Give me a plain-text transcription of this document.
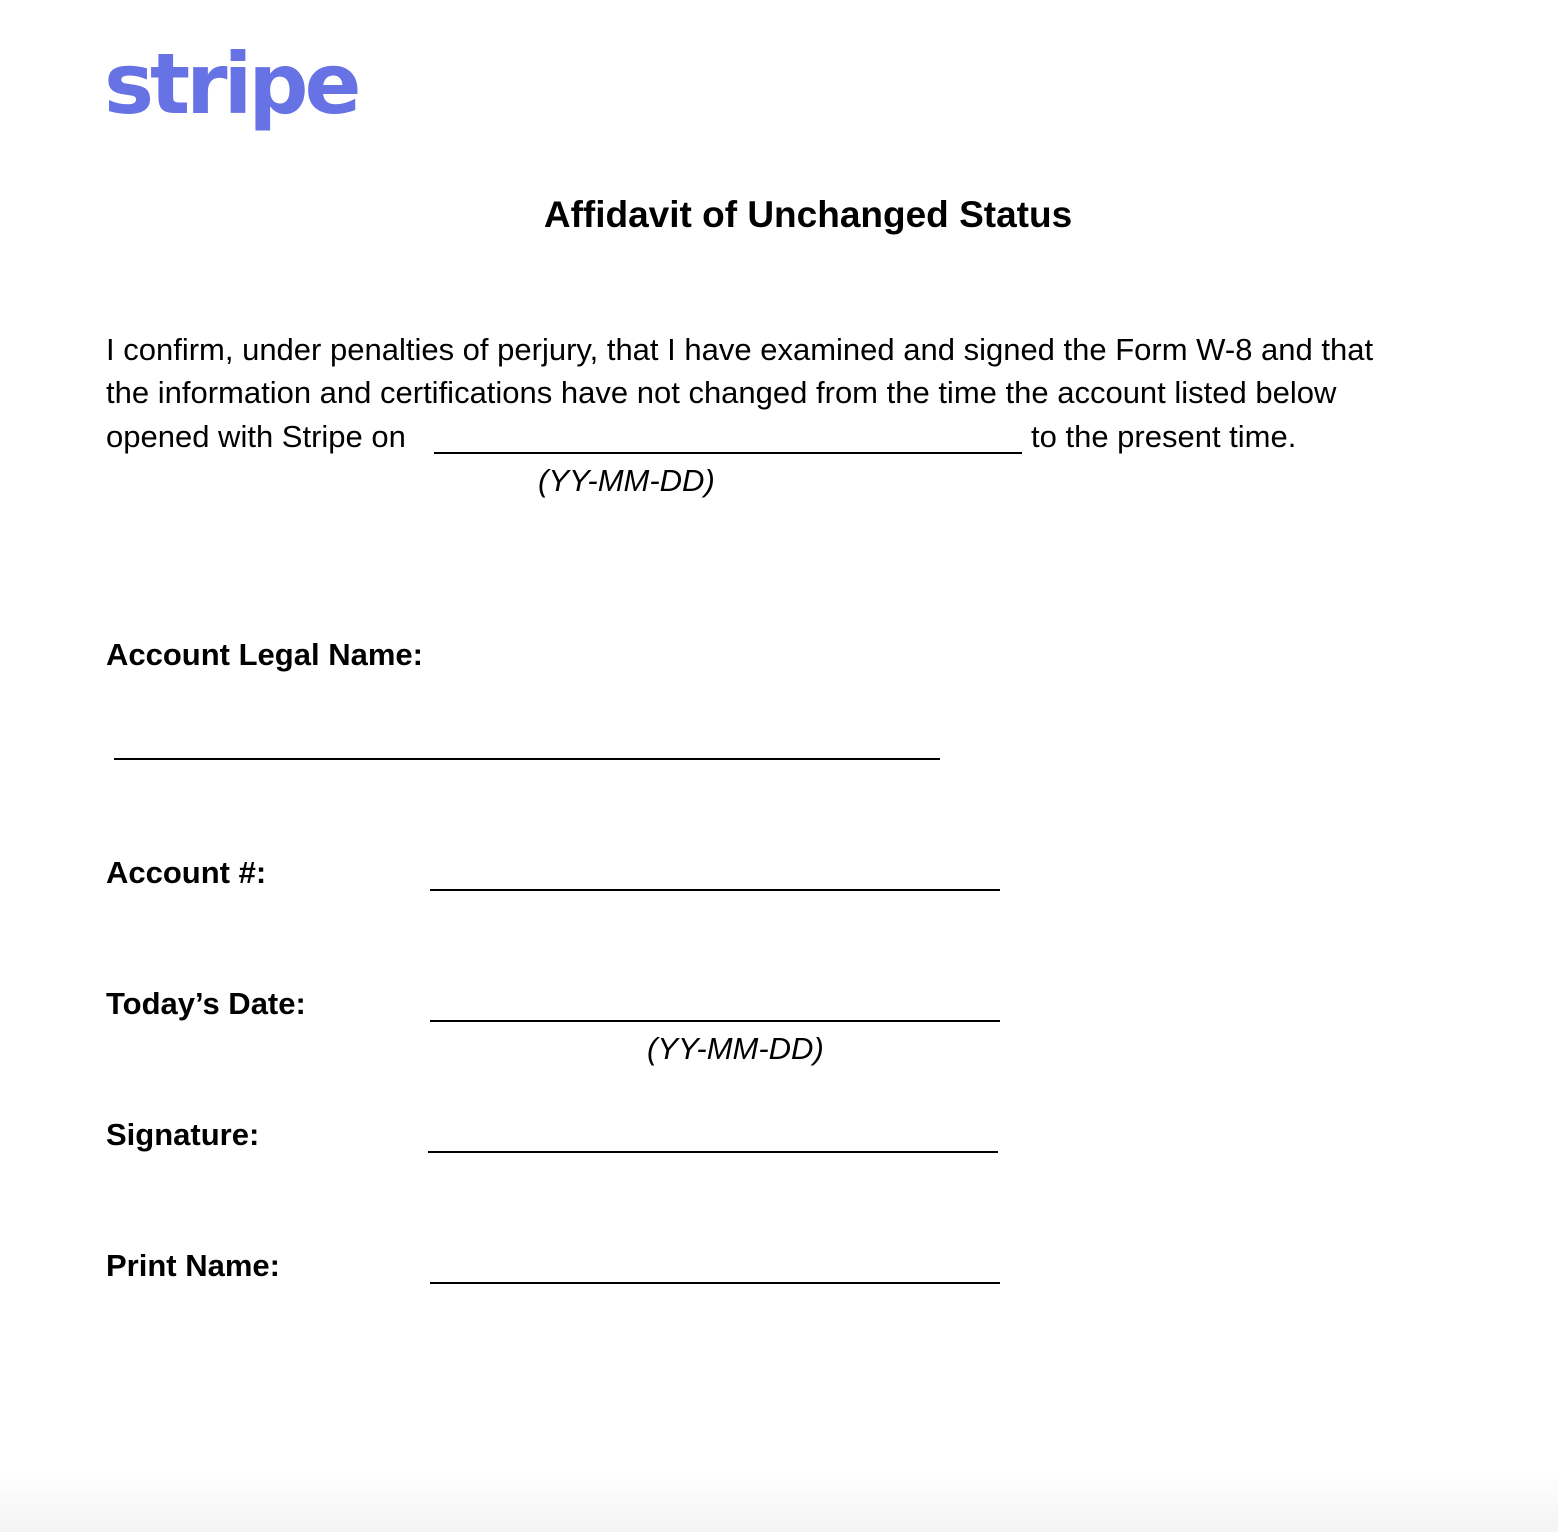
stripe
Affidavit of Unchanged Status
I confirm, under penalties of perjury, that I have examined and signed the Form W-8 and that
the information and certifications have not changed from the time the account listed below
opened with Stripe on	to the present time.
(YY-MM-DD)
Account Legal Name:
Account #:
Today’s Date:
(YY-MM-DD)
Signature:
Print Name:
